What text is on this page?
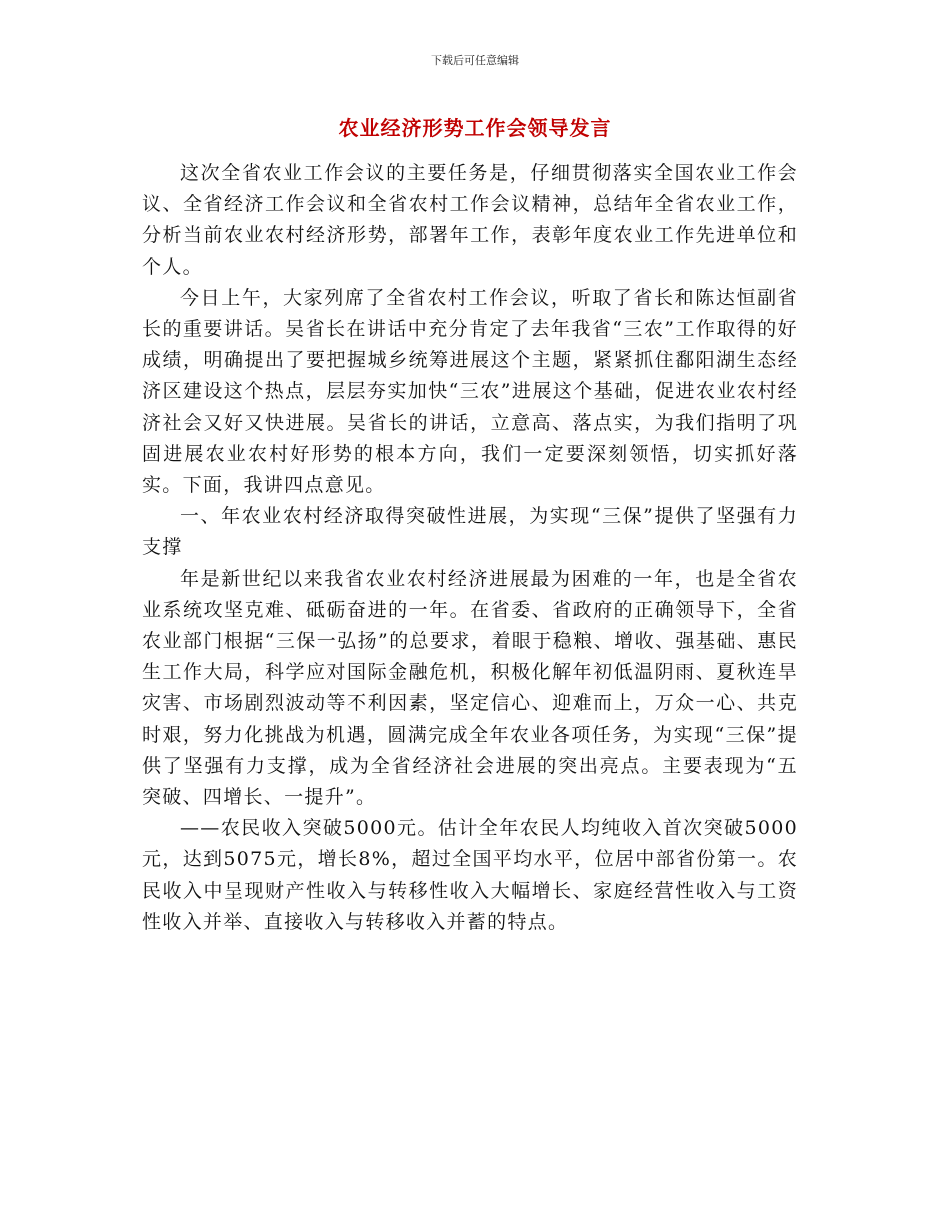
下载后可任意编辑
农业经济形势工作会领导发言

这次全省农业工作会议的主要任务是，仔细贯彻落实全国农业工作会议、全省经济工作会议和全省农村工作会议精神，总结年全省农业工作，分析当前农业农村经济形势，部署年工作，表彰年度农业工作先进单位和个人。

今日上午，大家列席了全省农村工作会议，听取了省长和陈达恒副省长的重要讲话。吴省长在讲话中充分肯定了去年我省“三农”工作取得的好成绩，明确提出了要把握城乡统筹进展这个主题，紧紧抓住鄱阳湖生态经济区建设这个热点，层层夯实加快“三农”进展这个基础，促进农业农村经济社会又好又快进展。吴省长的讲话，立意高、落点实，为我们指明了巩固进展农业农村好形势的根本方向，我们一定要深刻领悟，切实抓好落实。下面，我讲四点意见。

一、年农业农村经济取得突破性进展，为实现“三保”提供了坚强有力支撑

年是新世纪以来我省农业农村经济进展最为困难的一年，也是全省农业系统攻坚克难、砥砺奋进的一年。在省委、省政府的正确领导下，全省农业部门根据“三保一弘扬”的总要求，着眼于稳粮、增收、强基础、惠民生工作大局，科学应对国际金融危机，积极化解年初低温阴雨、夏秋连旱灾害、市场剧烈波动等不利因素，坚定信心、迎难而上，万众一心、共克时艰，努力化挑战为机遇，圆满完成全年农业各项任务，为实现“三保”提供了坚强有力支撑，成为全省经济社会进展的突出亮点。主要表现为“五突破、四增长、一提升”。

——农民收入突破5000元。估计全年农民人均纯收入首次突破5000元，达到5075元，增长8%，超过全国平均水平，位居中部省份第一。农民收入中呈现财产性收入与转移性收入大幅增长、家庭经营性收入与工资性收入并举、直接收入与转移收入并蓄的特点。
